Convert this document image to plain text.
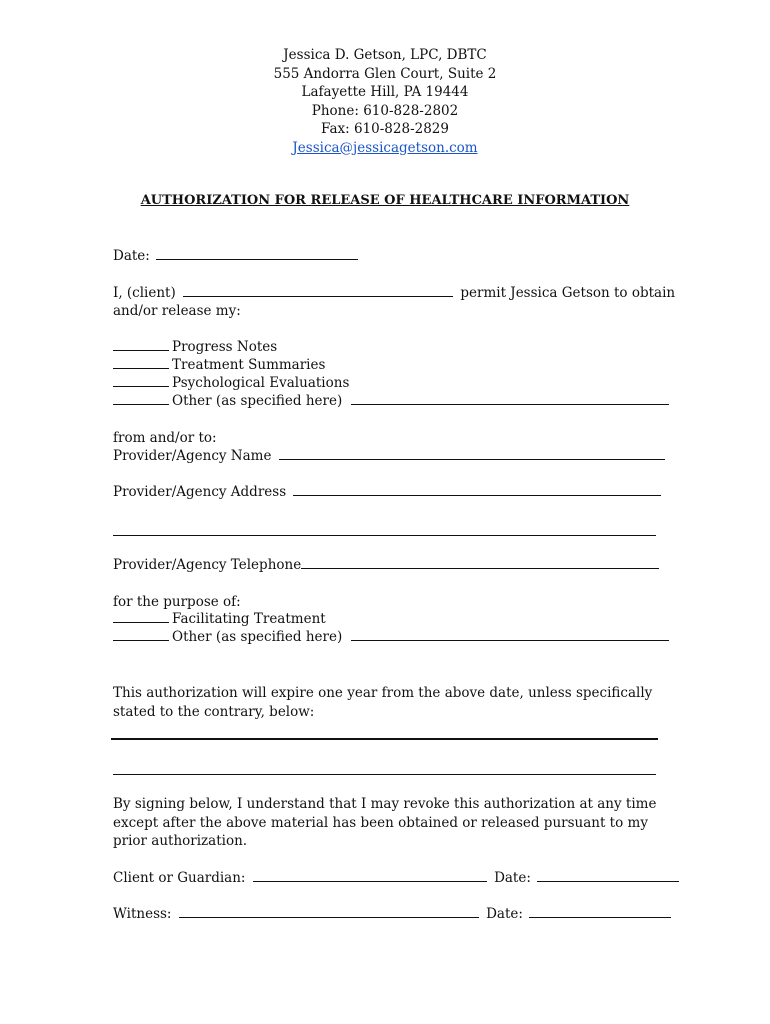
Jessica D. Getson, LPC, DBTC
555 Andorra Glen Court, Suite 2
Lafayette Hill, PA 19444
Phone: 610-828-2802
Fax: 610-828-2829
Jessica@jessicagetson.com
AUTHORIZATION FOR RELEASE OF HEALTHCARE INFORMATION
Date:
I, (client)	permit Jessica Getson to obtain
and/or release my:
Progress Notes
Treatment Summaries
Psychological Evaluations
Other (as specified here)
from and/or to:
Provider/Agency Name
Provider/Agency Address
Provider/Agency Telephone
for the purpose of:
Facilitating Treatment
Other (as specified here)
This authorization will expire one year from the above date, unless specifically stated to the contrary, below:
By signing below, I understand that I may revoke this authorization at any time except after the above material has been obtained or released pursuant to my prior authorization.
Client or Guardian:	Date:
Witness:	Date:
